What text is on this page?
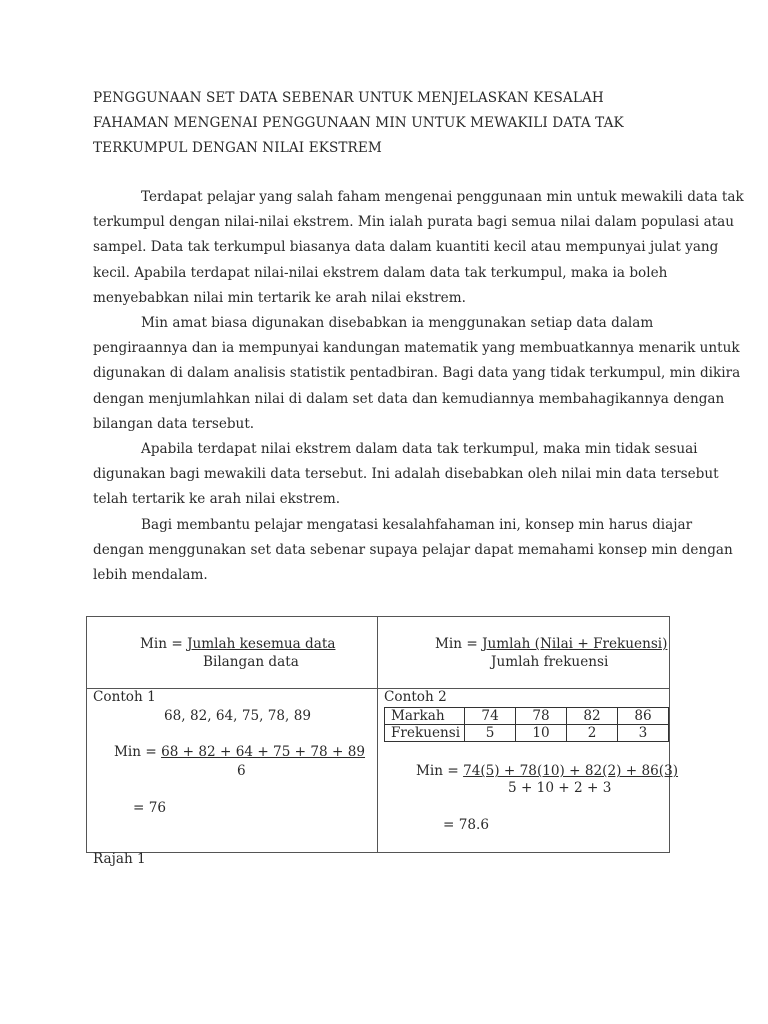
PENGGUNAAN SET DATA SEBENAR UNTUK MENJELASKAN KESALAH
FAHAMAN MENGENAI PENGGUNAAN MIN UNTUK MEWAKILI DATA TAK
TERKUMPUL DENGAN NILAI EKSTREM
Terdapat pelajar yang salah faham mengenai penggunaan min untuk mewakili data tak
terkumpul dengan nilai-nilai ekstrem. Min ialah purata bagi semua nilai dalam populasi atau
sampel. Data tak terkumpul biasanya data dalam kuantiti kecil atau mempunyai julat yang
kecil. Apabila terdapat nilai-nilai ekstrem dalam data tak terkumpul, maka ia boleh
menyebabkan nilai min tertarik ke arah nilai ekstrem.
Min amat biasa digunakan disebabkan ia menggunakan setiap data dalam
pengiraannya dan ia mempunyai kandungan matematik yang membuatkannya menarik untuk
digunakan di dalam analisis statistik pentadbiran. Bagi data yang tidak terkumpul, min dikira
dengan menjumlahkan nilai di dalam set data dan kemudiannya membahagikannya dengan
bilangan data tersebut.
Apabila terdapat nilai ekstrem dalam data tak terkumpul, maka min tidak sesuai
digunakan bagi mewakili data tersebut. Ini adalah disebabkan oleh nilai min data tersebut
telah tertarik ke arah nilai ekstrem.
Bagi membantu pelajar mengatasi kesalahfahaman ini, konsep min harus diajar
dengan menggunakan set data sebenar supaya pelajar dapat memahami konsep min dengan
lebih mendalam.
Min = Jumlah kesemua data
Bilangan data
Min = Jumlah (Nilai + Frekuensi)
Jumlah frekuensi
Contoh 1
68, 82, 64, 75, 78, 89
Min = 68 + 82 + 64 + 75 + 78 + 89
6
= 76
Contoh 2
Markah	74	78	82	86
Frekuensi	5	10	2	3
Min = 74(5) + 78(10) + 82(2) + 86(3)
5 + 10 + 2 + 3
= 78.6
Rajah 1
